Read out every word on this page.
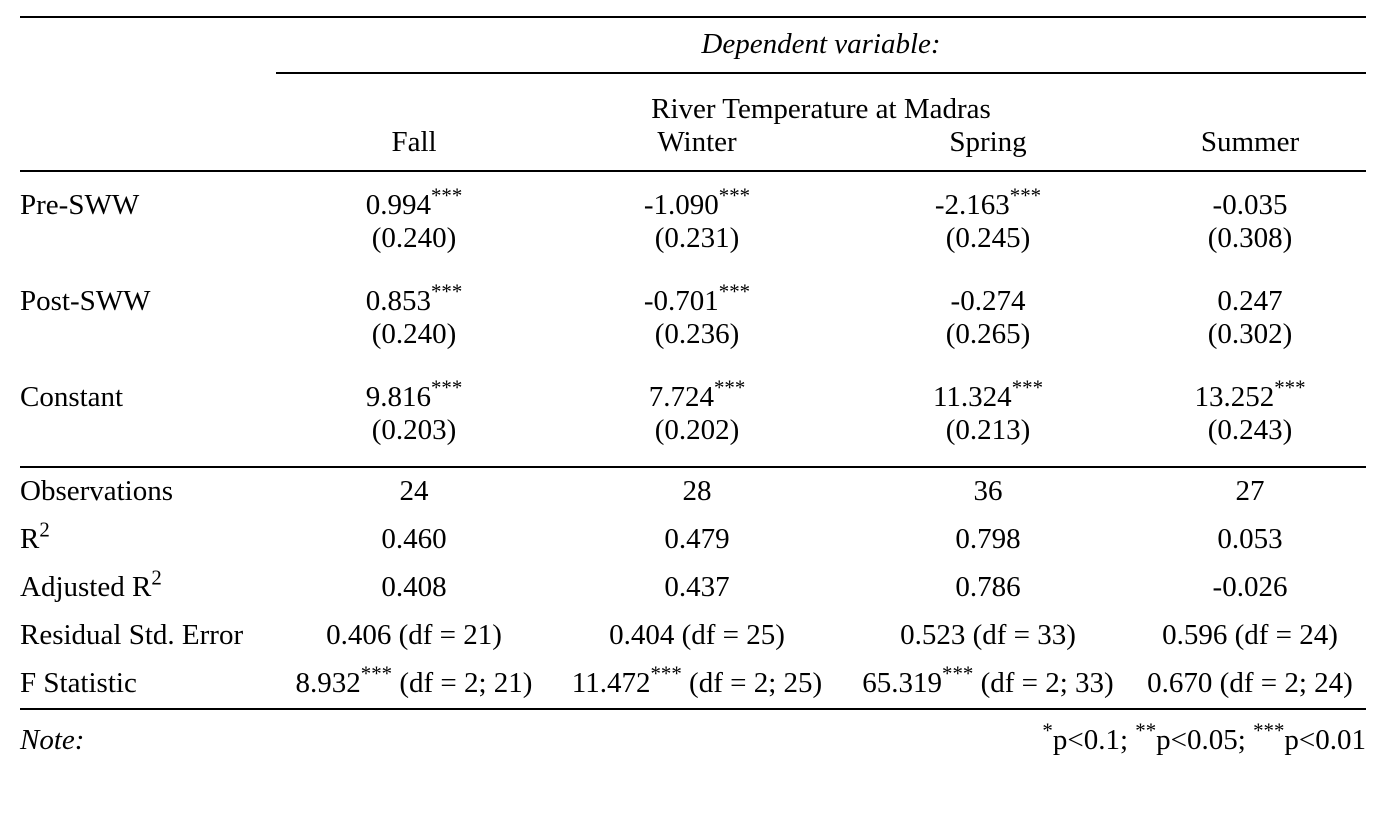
	Dependent variable:			
	River Temperature at Madras			
	Fall	Winter	Spring	Summer
Pre-SWW	0.994***	-1.090***	-2.163***	-0.035
	(0.240)	(0.231)	(0.245)	(0.308)
Post-SWW	0.853***	-0.701***	-0.274	0.247
	(0.240)	(0.236)	(0.265)	(0.302)
Constant	9.816***	7.724***	11.324***	13.252***
	(0.203)	(0.202)	(0.213)	(0.243)
Observations	24	28	36	27
$R^2$	0.460	0.479	0.798	0.053
Adjusted $R^2$	0.408	0.437	0.786	-0.026
Residual Std. Error	0.406 (df = 21)	0.404 (df = 25)	0.523 (df = 33)	0.596 (df = 24)
F Statistic	8.932*** (df = 2; 21)	11.472*** (df = 2; 25)	65.319*** (df = 2; 33)	0.670 (df = 2; 24)
Note:	*p<0.1; **p<0.05; ***p<0.01			
